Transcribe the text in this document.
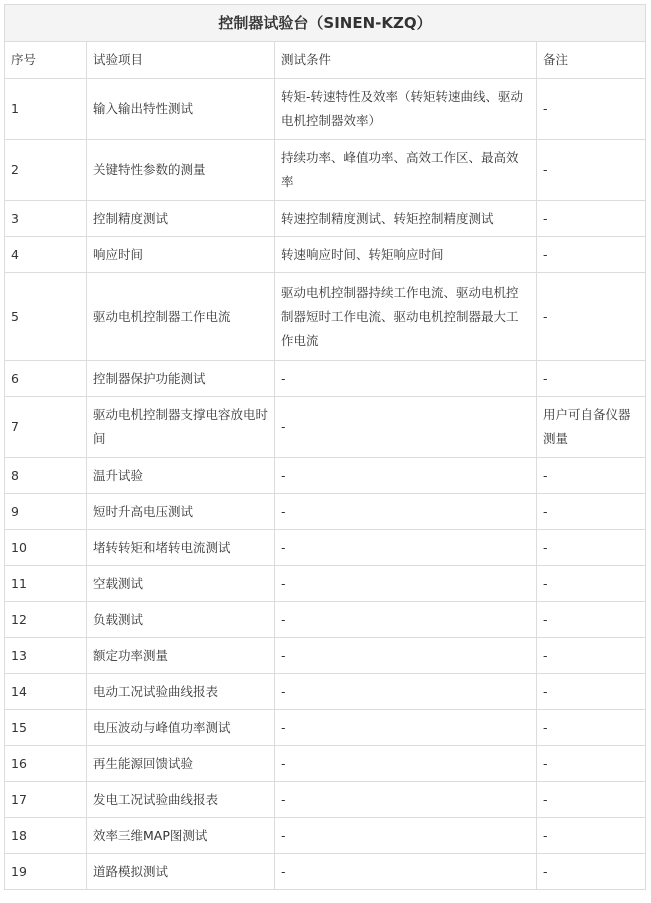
控制器试验台（SINEN-KZQ）			
序号	试验项目	测试条件	备注
1	输入输出特性测试	转矩-转速特性及效率（转矩转速曲线、驱动电机控制器效率）	-
2	关键特性参数的测量	持续功率、峰值功率、高效工作区、最高效率	-
3	控制精度测试	转速控制精度测试、转矩控制精度测试	-
4	响应时间	转速响应时间、转矩响应时间	-
5	驱动电机控制器工作电流	驱动电机控制器持续工作电流、驱动电机控制器短时工作电流、驱动电机控制器最大工作电流	-
6	控制器保护功能测试	-	-
7	驱动电机控制器支撑电容放电时间	-	用户可自备仪器测量
8	温升试验	-	-
9	短时升高电压测试	-	-
10	堵转转矩和堵转电流测试	-	-
11	空载测试	-	-
12	负载测试	-	-
13	额定功率测量	-	-
14	电动工况试验曲线报表	-	-
15	电压波动与峰值功率测试	-	-
16	再生能源回馈试验	-	-
17	发电工况试验曲线报表	-	-
18	效率三维MAP图测试	-	-
19	道路模拟测试	-	-
